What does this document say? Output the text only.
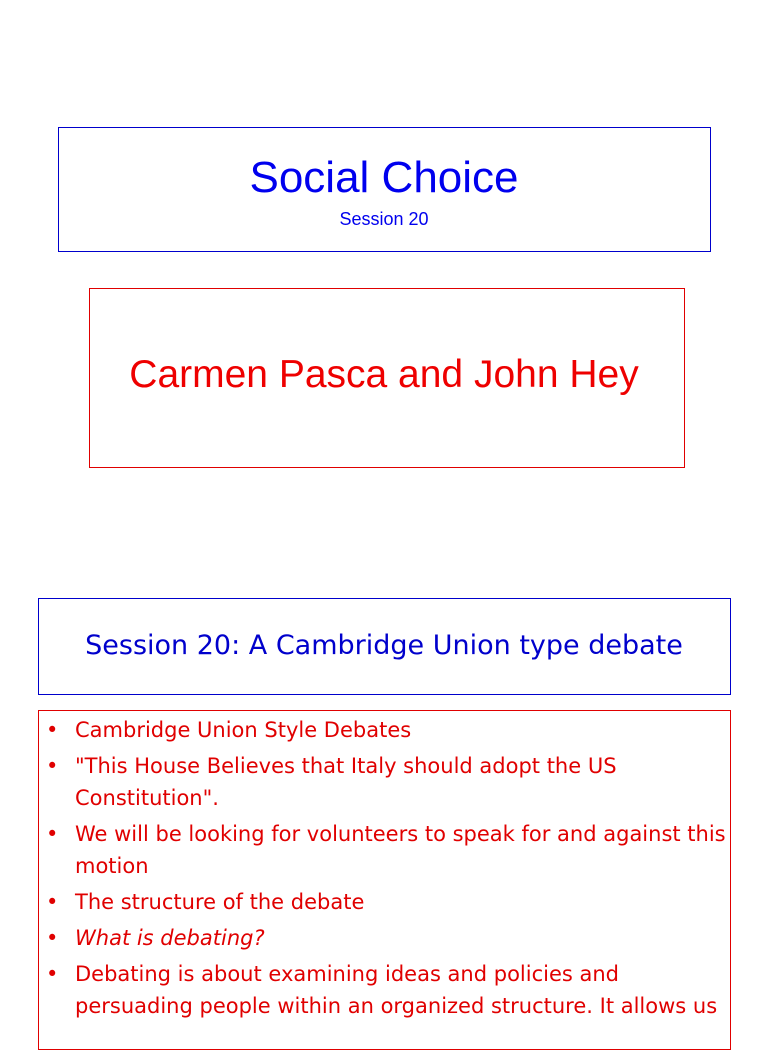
Social Choice
Session 20
Carmen Pasca and John Hey
Session 20: A Cambridge Union type debate
• Cambridge Union Style Debates
• "This House Believes that Italy should adopt the US Constitution".
• We will be looking for volunteers to speak for and against this motion
• The structure of the debate
• What is debating?
• Debating is about examining ideas and policies and persuading people within an organized structure. It allows us
